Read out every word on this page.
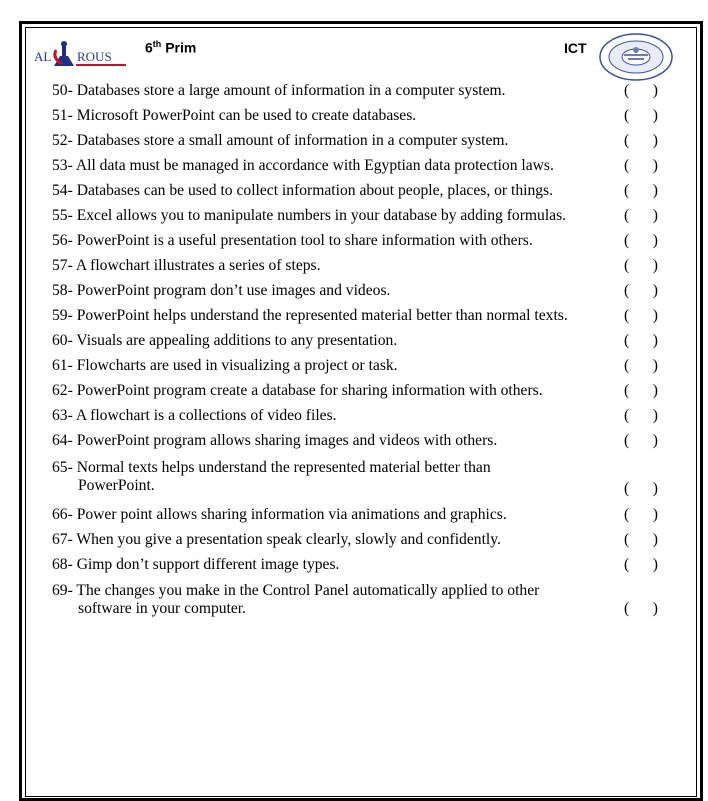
AL ROUS
6th Prim	ICT
50- Databases store a large amount of information in a computer system.	( )
51- Microsoft PowerPoint can be used to create databases.	( )
52- Databases store a small amount of information in a computer system.	( )
53- All data must be managed in accordance with Egyptian data protection laws.	( )
54- Databases can be used to collect information about people, places, or things.	( )
55- Excel allows you to manipulate numbers in your database by adding formulas.	( )
56- PowerPoint is a useful presentation tool to share information with others.	( )
57- A flowchart illustrates a series of steps.	( )
58- PowerPoint program don’t use images and videos.	( )
59- PowerPoint helps understand the represented material better than normal texts.	( )
60- Visuals are appealing additions to any presentation.	( )
61- Flowcharts are used in visualizing a project or task.	( )
62- PowerPoint program create a database for sharing information with others.	( )
63- A flowchart is a collections of video files.	( )
64- PowerPoint program allows sharing images and videos with others.	( )
65- Normal texts helps understand the represented material better than
PowerPoint.	( )
66- Power point allows sharing information via animations and graphics.	( )
67- When you give a presentation speak clearly, slowly and confidently.	( )
68- Gimp don’t support different image types.	( )
69- The changes you make in the Control Panel automatically applied to other
software in your computer.	( )
